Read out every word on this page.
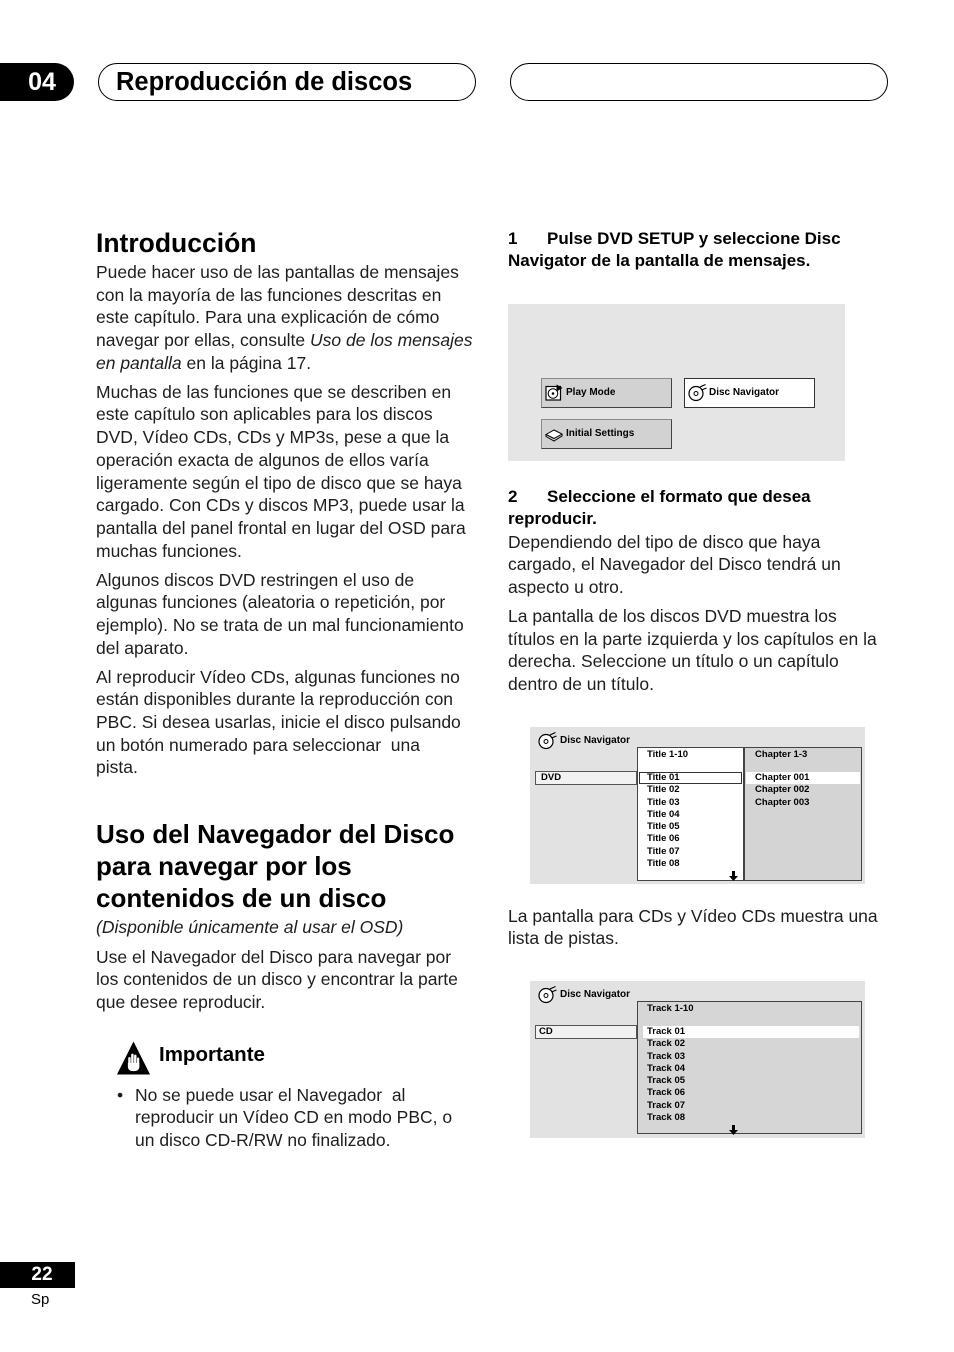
04	Reproducción de discos
Introducción
Puede hacer uso de las pantallas de mensajes
con la mayoría de las funciones descritas en
este capítulo. Para una explicación de cómo
navegar por ellas, consulte Uso de los mensajes
en pantalla en la página 17.
Muchas de las funciones que se describen en
este capítulo son aplicables para los discos
DVD, Vídeo CDs, CDs y MP3s, pese a que la
operación exacta de algunos de ellos varía
ligeramente según el tipo de disco que se haya
cargado. Con CDs y discos MP3, puede usar la
pantalla del panel frontal en lugar del OSD para
muchas funciones.
Algunos discos DVD restringen el uso de
algunas funciones (aleatoria o repetición, por
ejemplo). No se trata de un mal funcionamiento
del aparato.
Al reproducir Vídeo CDs, algunas funciones no
están disponibles durante la reproducción con
PBC. Si desea usarlas, inicie el disco pulsando
un botón numerado para seleccionar  una
pista.
Uso del Navegador del Disco
para navegar por los
contenidos de un disco
(Disponible únicamente al usar el OSD)
Use el Navegador del Disco para navegar por
los contenidos de un disco y encontrar la parte
que desee reproducir.
Importante
• No se puede usar el Navegador  al
reproducir un Vídeo CD en modo PBC, o
un disco CD-R/RW no finalizado.
1	Pulse DVD SETUP y seleccione Disc
Navigator de la pantalla de mensajes.
Play Mode	Disc Navigator
Initial Settings
2	Seleccione el formato que desea
reproducir.
Dependiendo del tipo de disco que haya
cargado, el Navegador del Disco tendrá un
aspecto u otro.
La pantalla de los discos DVD muestra los
títulos en la parte izquierda y los capítulos en la
derecha. Seleccione un título o un capítulo
dentro de un título.
Disc Navigator
DVD
Title 1-10
Title 01
Title 02
Title 03
Title 04
Title 05
Title 06
Title 07
Title 08
Chapter 1-3
Chapter 001
Chapter 002
Chapter 003
La pantalla para CDs y Vídeo CDs muestra una
lista de pistas.
Disc Navigator
CD
Track 1-10
Track 01
Track 02
Track 03
Track 04
Track 05
Track 06
Track 07
Track 08
22
Sp
